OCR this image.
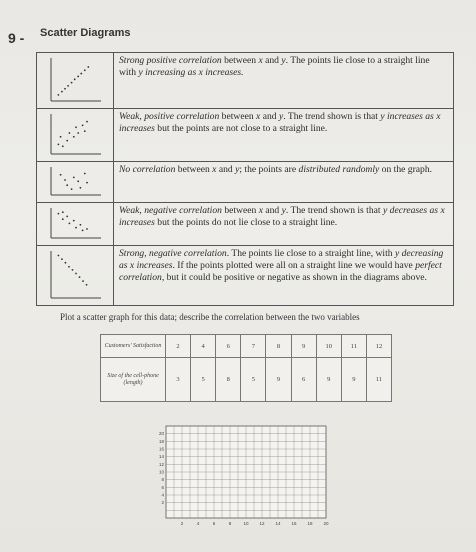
9 - Scatter Diagrams
	Strong positive correlation between x and y. The points lie close to a straight line with y increasing as x increases.

	Weak, positive correlation between x and y. The trend shown is that y increases as x increases but the points are not close to a straight line.

	No correlation between x and y; the points are distributed randomly on the graph.

	Weak, negative correlation between x and y. The trend shown is that y decreases as x increases but the points do not lie close to a straight line.

	Strong, negative correlation. The points lie close to a straight line, with y decreasing as x increases. If the points plotted were all on a straight line we would have perfect correlation, but it could be positive or negative as shown in the diagrams above.
Plot a scatter graph for this data; describe the correlation between the two variables
Customers' Satisfaction	2	4	6	7	8	9	10	11	12
Size of the cell-phone (length)	3	5	8	5	9	6	9	9	11
2	4	6	8	10 12 14 16 18 20
20
18
16
14
12
10
8
6
4
2
